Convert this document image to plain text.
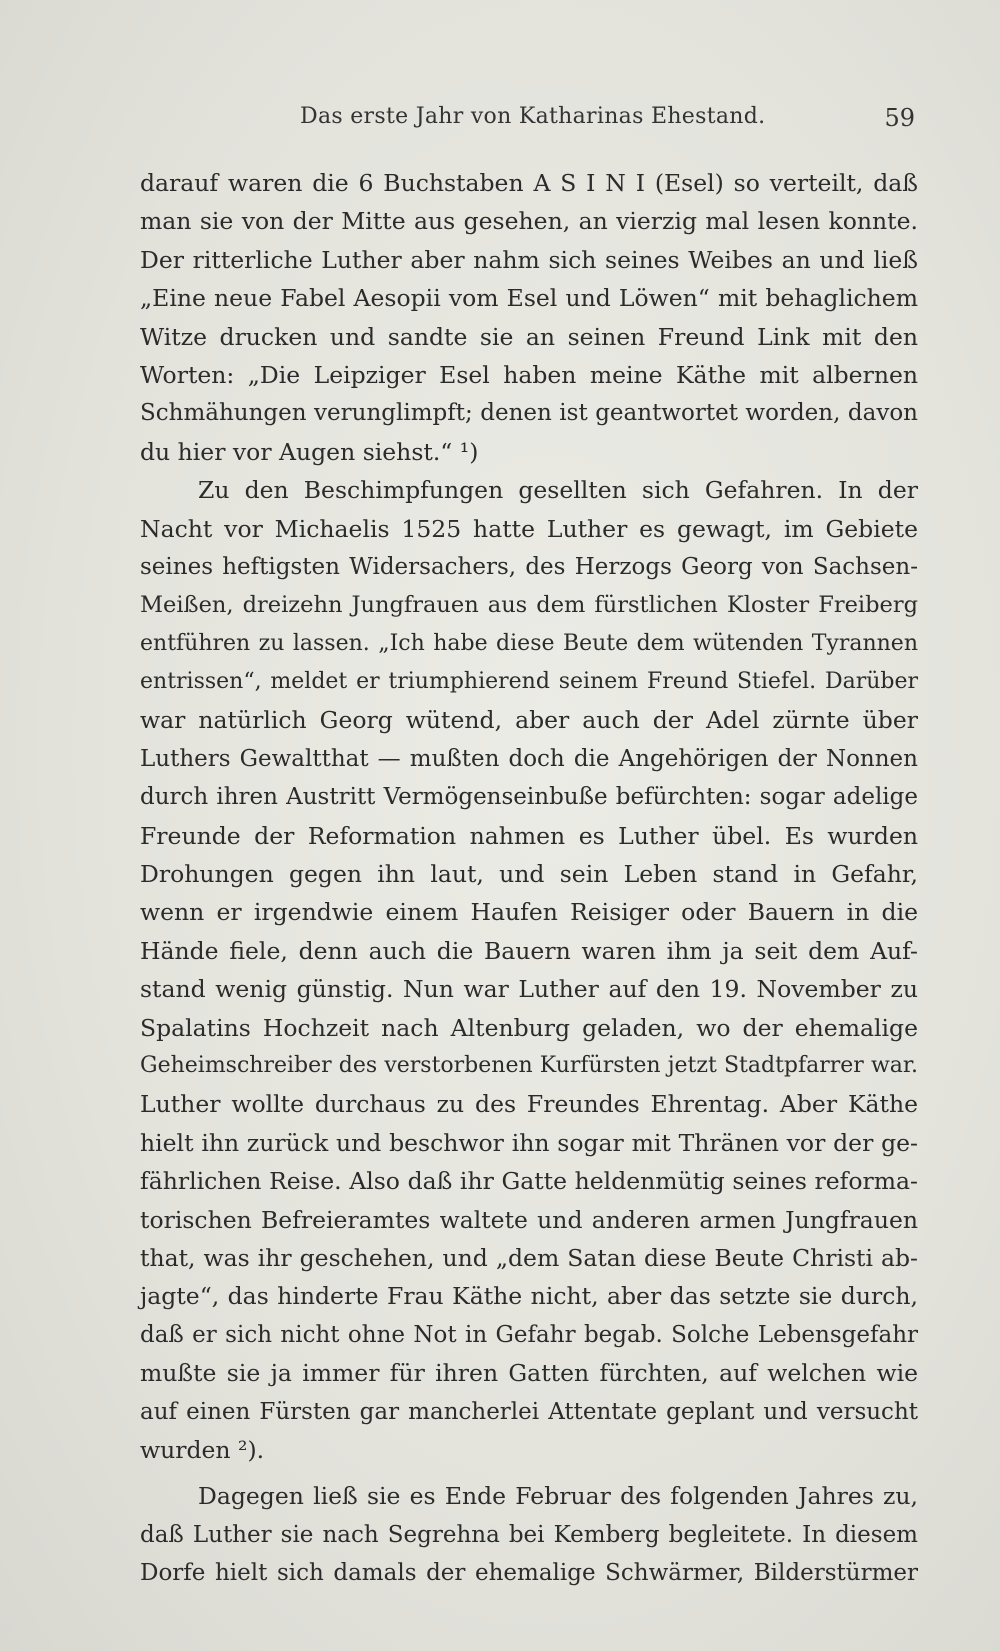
Das erste Jahr von Katharinas Ehestand.	59
darauf waren die 6 Buchstaben A S I N I (Esel) so verteilt, daß
man sie von der Mitte aus gesehen, an vierzig mal lesen konnte.
Der ritterliche Luther aber nahm sich seines Weibes an und ließ
„Eine neue Fabel Aesopii vom Esel und Löwen“ mit behaglichem
Witze drucken und sandte sie an seinen Freund Link mit den
Worten: „Die Leipziger Esel haben meine Käthe mit albernen
Schmähungen verunglimpft; denen ist geantwortet worden, davon
du hier vor Augen siehst.“ ¹)
Zu den Beschimpfungen gesellten sich Gefahren. In der
Nacht vor Michaelis 1525 hatte Luther es gewagt, im Gebiete
seines heftigsten Widersachers, des Herzogs Georg von Sachsen-
Meißen, dreizehn Jungfrauen aus dem fürstlichen Kloster Freiberg
entführen zu lassen. „Ich habe diese Beute dem wütenden Tyrannen
entrissen“, meldet er triumphierend seinem Freund Stiefel. Darüber
war natürlich Georg wütend, aber auch der Adel zürnte über
Luthers Gewaltthat — mußten doch die Angehörigen der Nonnen
durch ihren Austritt Vermögenseinbuße befürchten: sogar adelige
Freunde der Reformation nahmen es Luther übel. Es wurden
Drohungen gegen ihn laut, und sein Leben stand in Gefahr,
wenn er irgendwie einem Haufen Reisiger oder Bauern in die
Hände fiele, denn auch die Bauern waren ihm ja seit dem Auf-
stand wenig günstig. Nun war Luther auf den 19. November zu
Spalatins Hochzeit nach Altenburg geladen, wo der ehemalige
Geheimschreiber des verstorbenen Kurfürsten jetzt Stadtpfarrer war.
Luther wollte durchaus zu des Freundes Ehrentag. Aber Käthe
hielt ihn zurück und beschwor ihn sogar mit Thränen vor der ge-
fährlichen Reise. Also daß ihr Gatte heldenmütig seines reforma-
torischen Befreieramtes waltete und anderen armen Jungfrauen
that, was ihr geschehen, und „dem Satan diese Beute Christi ab-
jagte“, das hinderte Frau Käthe nicht, aber das setzte sie durch,
daß er sich nicht ohne Not in Gefahr begab. Solche Lebensgefahr
mußte sie ja immer für ihren Gatten fürchten, auf welchen wie
auf einen Fürsten gar mancherlei Attentate geplant und versucht
wurden ²).
Dagegen ließ sie es Ende Februar des folgenden Jahres zu,
daß Luther sie nach Segrehna bei Kemberg begleitete. In diesem
Dorfe hielt sich damals der ehemalige Schwärmer, Bilderstürmer
